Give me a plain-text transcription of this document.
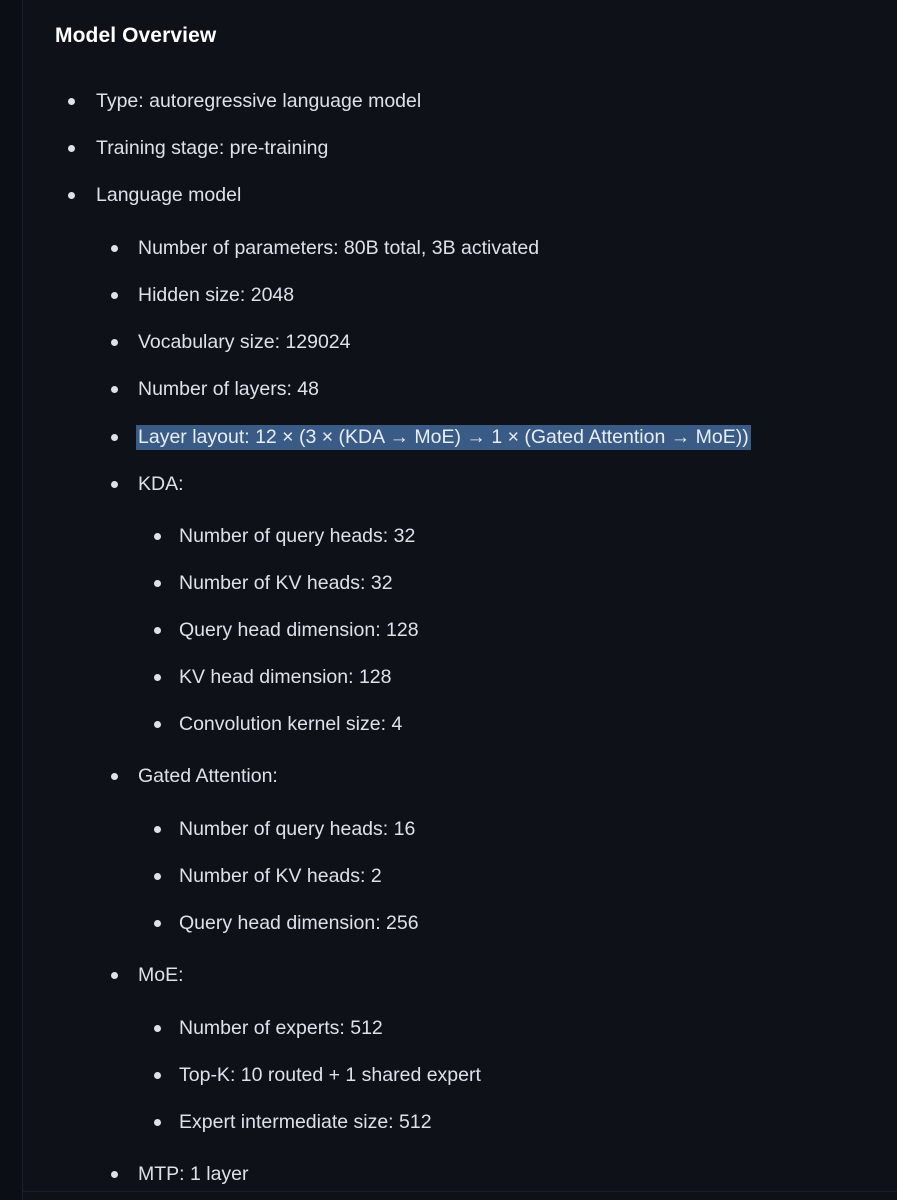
Model Overview
Type: autoregressive language model
Training stage: pre-training
Language model
Number of parameters: 80B total, 3B activated
Hidden size: 2048
Vocabulary size: 129024
Number of layers: 48
Layer layout: 12 × (3 × (KDA → MoE) → 1 × (Gated Attention → MoE))
KDA:
Number of query heads: 32
Number of KV heads: 32
Query head dimension: 128
KV head dimension: 128
Convolution kernel size: 4
Gated Attention:
Number of query heads: 16
Number of KV heads: 2
Query head dimension: 256
MoE:
Number of experts: 512
Top-K: 10 routed + 1 shared expert
Expert intermediate size: 512
MTP: 1 layer
